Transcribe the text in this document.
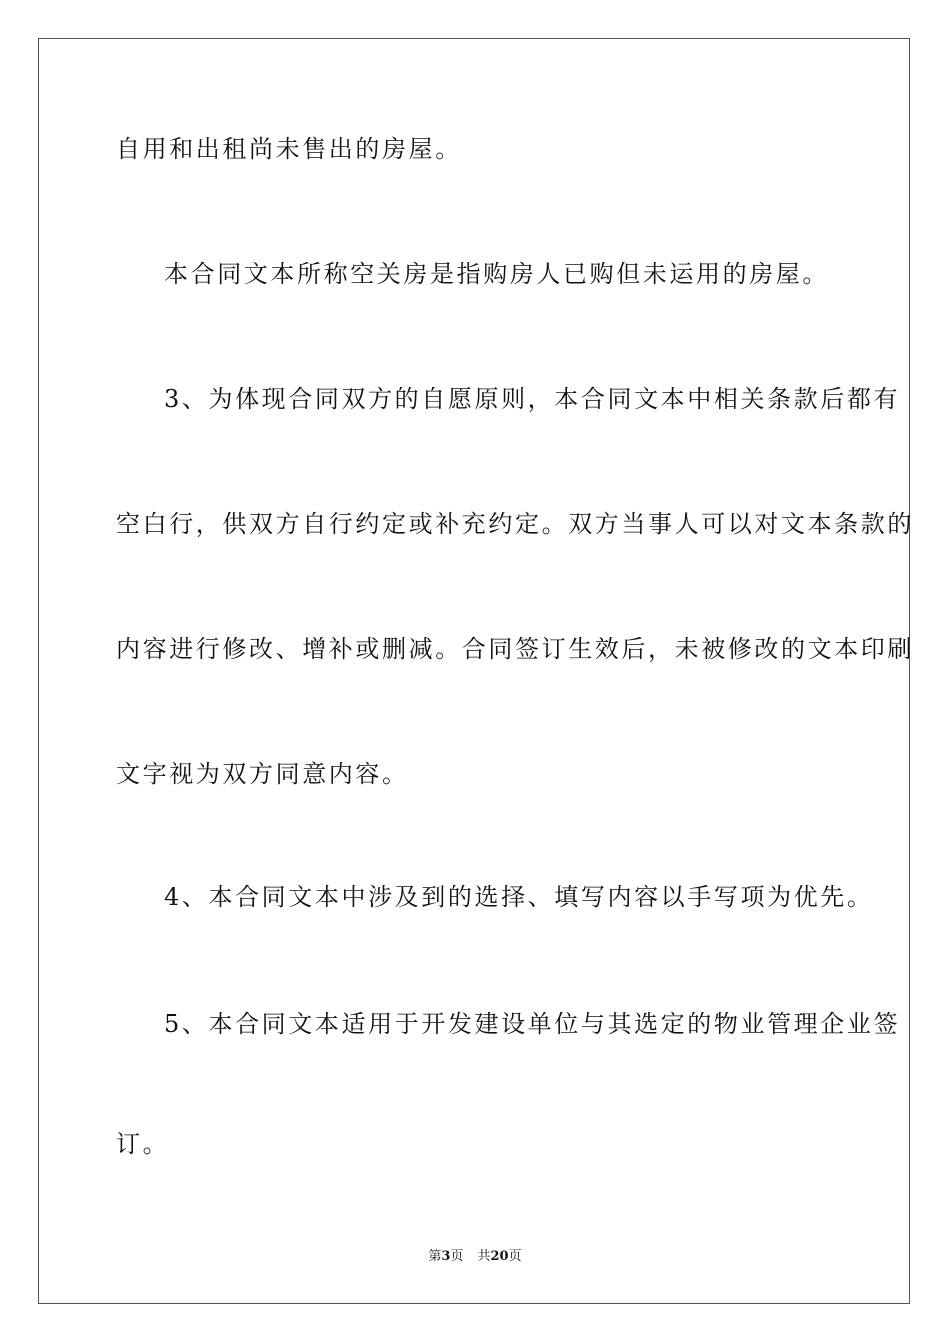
自用和出租尚未售出的房屋。
本合同文本所称空关房是指购房人已购但未运用的房屋。
3、为体现合同双方的自愿原则，本合同文本中相关条款后都有
空白行，供双方自行约定或补充约定。双方当事人可以对文本条款的
内容进行修改、增补或删减。合同签订生效后，未被修改的文本印刷
文字视为双方同意内容。
4、本合同文本中涉及到的选择、填写内容以手写项为优先。
5、本合同文本适用于开发建设单位与其选定的物业管理企业签
订。
第3页 共20页
